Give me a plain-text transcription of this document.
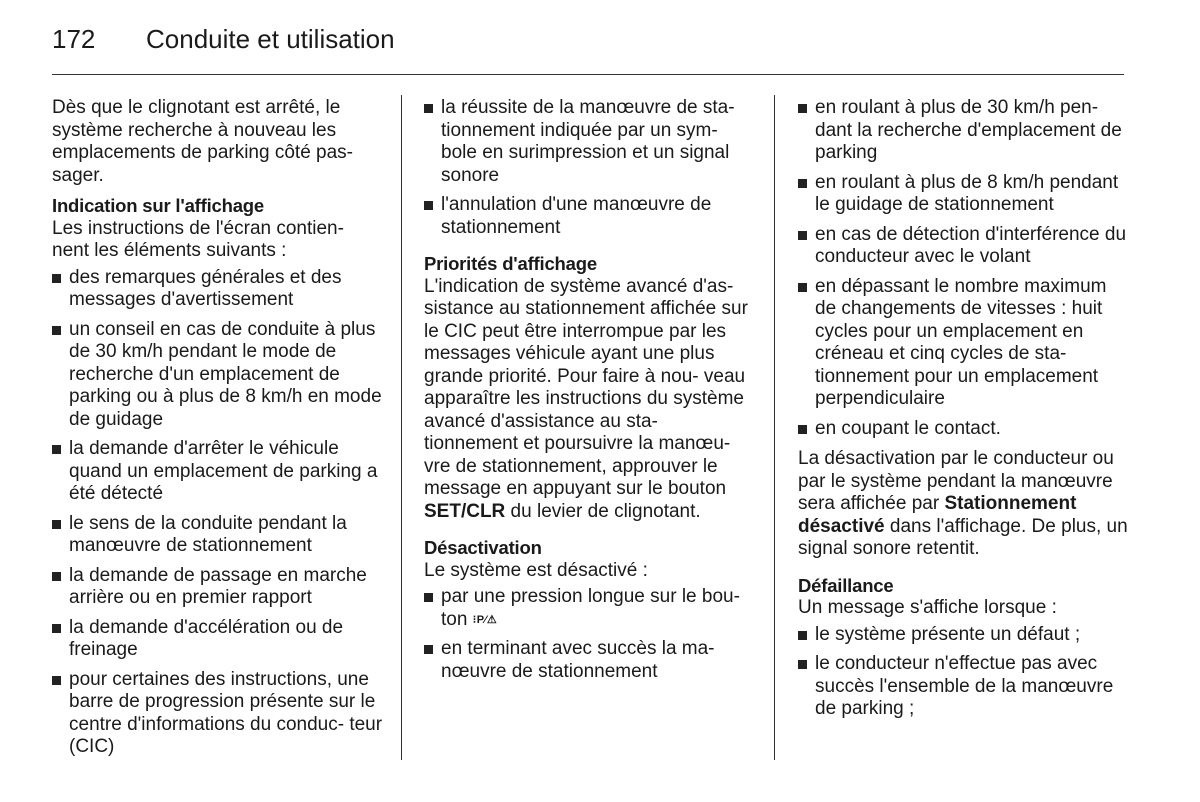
172 Conduite et utilisation

Dès que le clignotant est arrêté, le système recherche à nouveau les emplacements de parking côté pas- sager.

Indication sur l'affichage

Les instructions de l'écran contien- nent les éléments suivants :

des remarques générales et des messages d'avertissement
un conseil en cas de conduite à plus de 30 km/h pendant le mode de recherche d'un emplacement de parking ou à plus de 8 km/h en mode de guidage
la demande d'arrêter le véhicule quand un emplacement de parking a été détecté
le sens de la conduite pendant la manœuvre de stationnement
la demande de passage en marche arrière ou en premier rapport
la demande d'accélération ou de freinage
pour certaines des instructions, une barre de progression présente sur le centre d'informations du conduc- teur (CIC)
la réussite de la manœuvre de sta- tionnement indiquée par un sym- bole en surimpression et un signal sonore
l'annulation d'une manœuvre de stationnement

Priorités d'affichage

L'indication de système avancé d'as- sistance au stationnement affichée sur le CIC peut être interrompue par les messages véhicule ayant une plus grande priorité. Pour faire à nou- veau apparaître les instructions du système avancé d'assistance au sta- tionnement et poursuivre la manœu- vre de stationnement, approuver le message en appuyant sur le bouton SET/CLR du levier de clignotant.

Désactivation

Le système est désactivé :

par une pression longue sur le bou- ton ⁝P⁄⚠
en terminant avec succès la ma- nœuvre de stationnement
en roulant à plus de 30 km/h pen- dant la recherche d'emplacement de parking
en roulant à plus de 8 km/h pendant le guidage de stationnement
en cas de détection d'interférence du conducteur avec le volant
en dépassant le nombre maximum de changements de vitesses : huit cycles pour un emplacement en créneau et cinq cycles de sta- tionnement pour un emplacement perpendiculaire
en coupant le contact.

La désactivation par le conducteur ou par le système pendant la manœuvre sera affichée par Stationnement désactivé dans l'affichage. De plus, un signal sonore retentit.

Défaillance

Un message s'affiche lorsque :

le système présente un défaut ;
le conducteur n'effectue pas avec succès l'ensemble de la manœuvre de parking ;
